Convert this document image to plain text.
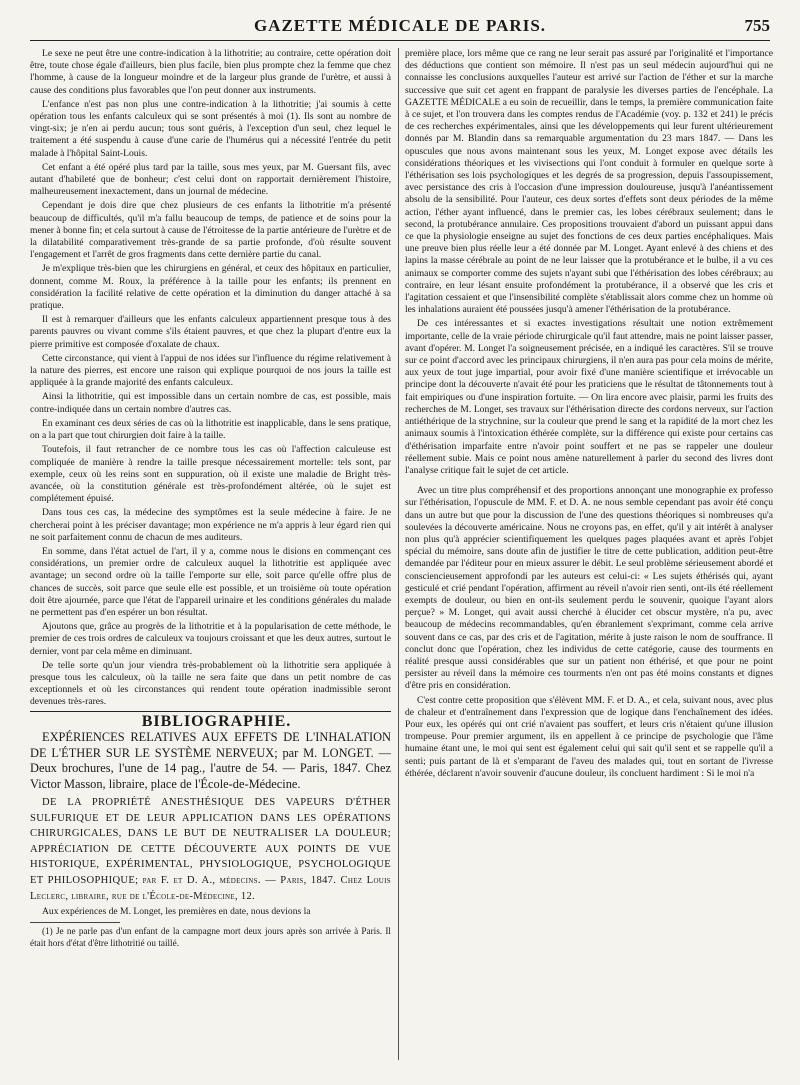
GAZETTE MÉDICALE DE PARIS.	755

Le sexe ne peut être une contre-indication à la lithotritie; au contraire, cette opération doit être, toute chose égale d'ailleurs, bien plus facile, bien plus prompte chez la femme que chez l'homme, à cause de la longueur moindre et de la largeur plus grande de l'urètre, et aussi à cause des conditions plus favorables que l'on peut donner aux instruments.

L'enfance n'est pas non plus une contre-indication à la lithotritie; j'ai soumis à cette opération tous les enfants calculeux qui se sont présentés à moi (1). Ils sont au nombre de vingt-six; je n'en ai perdu aucun; tous sont guéris, à l'exception d'un seul, chez lequel le traitement a été suspendu à cause d'une carie de l'humérus qui a nécessité l'entrée du petit malade à l'hôpital Saint-Louis.

Cet enfant a été opéré plus tard par la taille, sous mes yeux, par M. Guersant fils, avec autant d'habileté que de bonheur; c'est celui dont on rapportait dernièrement l'histoire, malheureusement inexactement, dans un journal de médecine.

Cependant je dois dire que chez plusieurs de ces enfants la lithotritie m'a présenté beaucoup de difficultés, qu'il m'a fallu beaucoup de temps, de patience et de soins pour la mener à bonne fin; et cela surtout à cause de l'étroitesse de la partie antérieure de l'urètre et de la dilatabilité comparativement très-grande de sa partie profonde, d'où résulte souvent l'engagement et l'arrêt de gros fragments dans cette dernière partie du canal.

Je m'explique très-bien que les chirurgiens en général, et ceux des hôpitaux en particulier, donnent, comme M. Roux, la préférence à la taille pour les enfants; ils prennent en considération la facilité relative de cette opération et la diminution du danger attaché à sa pratique.

Il est à remarquer d'ailleurs que les enfants calculeux appartiennent presque tous à des parents pauvres ou vivant comme s'ils étaient pauvres, et que chez la plupart d'entre eux la pierre primitive est composée d'oxalate de chaux.

Cette circonstance, qui vient à l'appui de nos idées sur l'influence du régime relativement à la nature des pierres, est encore une raison qui explique pourquoi de nos jours la taille est appliquée à la grande majorité des enfants calculeux.

Ainsi la lithotritie, qui est impossible dans un certain nombre de cas, est possible, mais contre-indiquée dans un certain nombre d'autres cas.

En examinant ces deux séries de cas où la lithotritie est inapplicable, dans le sens pratique, on a la part que tout chirurgien doit faire à la taille.

Toutefois, il faut retrancher de ce nombre tous les cas où l'affection calculeuse est compliquée de manière à rendre la taille presque nécessairement mortelle: tels sont, par exemple, ceux où les reins sont en suppuration, où il existe une maladie de Bright très-avancée, où la constitution générale est très-profondément altérée, où le sujet est complétement épuisé.

Dans tous ces cas, la médecine des symptômes est la seule médecine à faire. Je ne chercherai point à les préciser davantage; mon expérience ne m'a appris à leur égard rien qui ne soit parfaitement connu de chacun de mes auditeurs.

En somme, dans l'état actuel de l'art, il y a, comme nous le disions en commençant ces considérations, un premier ordre de calculeux auquel la lithotritie est appliquée avec avantage; un second ordre où la taille l'emporte sur elle, soit parce qu'elle offre plus de chances de succès, soit parce que seule elle est possible, et un troisième où toute opération doit être ajournée, parce que l'état de l'appareil urinaire et les conditions générales du malade ne permettent pas d'en espérer un bon résultat.

Ajoutons que, grâce au progrès de la lithotritie et à la popularisation de cette méthode, le premier de ces trois ordres de calculeux va toujours croissant et que les deux autres, surtout le dernier, vont par cela même en diminuant.

De telle sorte qu'un jour viendra très-probablement où la lithotritie sera appliquée à presque tous les calculeux, où la taille ne sera faite que dans un petit nombre de cas exceptionnels et où les circonstances qui rendent toute opération inadmissible seront devenues très-rares.

BIBLIOGRAPHIE.

EXPÉRIENCES RELATIVES AUX EFFETS DE L'INHALATION DE L'ÉTHER SUR LE SYSTÈME NERVEUX; par M. LONGET. — Deux brochures, l'une de 14 pag., l'autre de 54. — Paris, 1847. Chez Victor Masson, libraire, place de l'École-de-Médecine.

DE LA PROPRIÉTÉ ANESTHÉSIQUE DES VAPEURS D'ÉTHER SULFURIQUE ET DE LEUR APPLICATION DANS LES OPÉRATIONS CHIRURGICALES, DANS LE BUT DE NEUTRALISER LA DOULEUR; APPRÉCIATION DE CETTE DÉCOUVERTE AUX POINTS DE VUE HISTORIQUE, EXPÉRIMENTAL, PHYSIOLOGIQUE, PSYCHOLOGIQUE ET PHILOSOPHIQUE; par F. et D. A., médecins. — Paris, 1847. Chez Louis Leclerc, libraire, rue de l'École-de-Médecine, 12.

Aux expériences de M. Longet, les premières en date, nous devions la

(1) Je ne parle pas d'un enfant de la campagne mort deux jours après son arrivée à Paris. Il était hors d'état d'être lithotritié ou taillé.

première place, lors même que ce rang ne leur serait pas assuré par l'originalité et l'importance des déductions que contient son mémoire. Il n'est pas un seul médecin aujourd'hui qui ne connaisse les conclusions auxquelles l'auteur est arrivé sur l'action de l'éther et sur la marche successive que suit cet agent en frappant de paralysie les diverses parties de l'encéphale. La GAZETTE MÉDICALE a eu soin de recueillir, dans le temps, la première communication faite à ce sujet, et l'on trouvera dans les comptes rendus de l'Académie (voy. p. 132 et 241) le précis de ces recherches expérimentales, ainsi que les développements qui leur furent ultérieurement donnés par M. Blandin dans sa remarquable argumentation du 23 mars 1847. — Dans les opuscules que nous avons maintenant sous les yeux, M. Longet expose avec détails les considérations théoriques et les vivisections qui l'ont conduit à formuler en quelque sorte à l'éthérisation ses lois psychologiques et les degrés de sa progression, depuis l'assoupissement, avec persistance des cris à l'occasion d'une impression douloureuse, jusqu'à l'anéantissement absolu de la sensibilité. Pour l'auteur, ces deux sortes d'effets sont deux périodes de la même action, l'éther ayant influencé, dans le premier cas, les lobes cérébraux seulement; dans le second, la protubérance annulaire. Ces propositions trouvaient d'abord un puissant appui dans ce que la physiologie enseigne au sujet des fonctions de ces deux parties encéphaliques. Mais une preuve bien plus réelle leur a été donnée par M. Longet. Ayant enlevé à des chiens et des lapins la masse cérébrale au point de ne leur laisser que la protubérance et le bulbe, il a vu ces animaux se comporter comme des sujets n'ayant subi que l'éthérisation des lobes cérébraux; au contraire, en leur lésant ensuite profondément la protubérance, il a observé que les cris et l'agitation cessaient et que l'insensibilité complète s'établissait alors comme chez un homme où les inhalations auraient été poussées jusqu'à amener l'éthérisation de la protubérance.

De ces intéressantes et si exactes investigations résultait une notion extrêmement importante, celle de la vraie période chirurgicale qu'il faut attendre, mais ne point laisser passer, avant d'opérer. M. Longet l'a soigneusement précisée, en a indiqué les caractères. S'il se trouve sur ce point d'accord avec les principaux chirurgiens, il n'en aura pas pour cela moins de mérite, aux yeux de tout juge impartial, pour avoir fixé d'une manière scientifique et irrévocable un principe dont la découverte n'avait été pour les praticiens que le résultat de tâtonnements tout à fait empiriques ou d'une inspiration fortuite. — On lira encore avec plaisir, parmi les fruits des recherches de M. Longet, ses travaux sur l'éthérisation directe des cordons nerveux, sur l'action antiéthérique de la strychnine, sur la couleur que prend le sang et la rapidité de la mort chez les animaux soumis à l'intoxication éthérée complète, sur la différence qui existe pour certains cas d'éthérisation imparfaite entre n'avoir point souffert et ne pas se rappeler une douleur réellement subie. Mais ce point nous amène naturellement à parler du second des livres dont l'analyse critique fait le sujet de cet article.

Avec un titre plus compréhensif et des proportions annonçant une monographie ex professo sur l'éthérisation, l'opuscule de MM. F. et D. A. ne nous semble cependant pas avoir été conçu dans un autre but que pour la discussion de l'une des questions théoriques si nombreuses qu'a soulevées la découverte américaine. Nous ne croyons pas, en effet, qu'il y ait intérêt à analyser non plus qu'à apprécier scientifiquement les quelques pages plaquées avant et après l'objet spécial du mémoire, sans doute afin de justifier le titre de cette publication, addition peut-être demandée par l'éditeur pour en mieux assurer le débit. Le seul problème sérieusement abordé et consciencieusement approfondi par les auteurs est celui-ci: « Les sujets éthérisés qui, ayant gesticulé et crié pendant l'opération, affirment au réveil n'avoir rien senti, ont-ils été réellement exempts de douleur, ou bien en ont-ils seulement perdu le souvenir, quoique l'ayant alors perçue? » M. Longet, qui avait aussi cherché à élucider cet obscur mystère, n'a pu, avec beaucoup de médecins recommandables, qu'en ébranlement s'exprimant, comme cela arrive souvent dans ce cas, par des cris et de l'agitation, mérite à juste raison le nom de souffrance. Il conclut donc que l'opération, chez les individus de cette catégorie, cause des tourments en réalité presque aussi considérables que sur un patient non éthérisé, et que pour ne point persister au réveil dans la mémoire ces tourments n'en ont pas été moins constants et dignes d'être pris en considération.

C'est contre cette proposition que s'élèvent MM. F. et D. A., et cela, suivant nous, avec plus de chaleur et d'entraînement dans l'expression que de logique dans l'enchaînement des idées. Pour eux, les opérés qui ont crié n'avaient pas souffert, et leurs cris n'étaient qu'une illusion trompeuse. Pour premier argument, ils en appellent à ce principe de psychologie que l'âme humaine étant une, le moi qui sent est également celui qui sait qu'il sent et se rappelle qu'il a senti; puis partant de là et s'emparant de l'aveu des malades qui, tout en sortant de l'ivresse éthérée, déclarent n'avoir souvenir d'aucune douleur, ils concluent hardiment : Si le moi n'a
